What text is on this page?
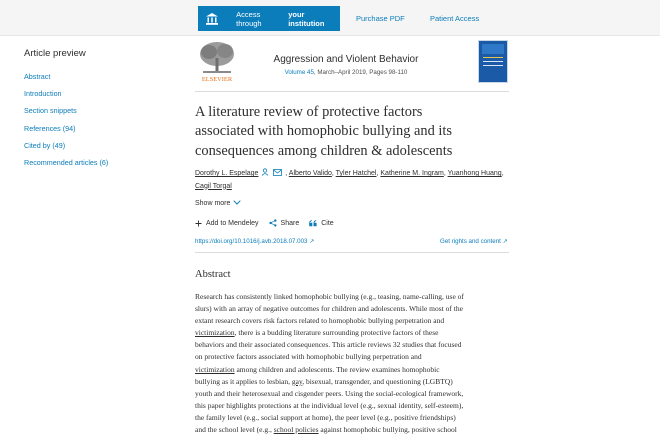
Access through
your institution	Purchase PDF	Patient Access
Article preview
Abstract
Introduction
Section snippets
References (94)
Cited by (49)
Recommended articles (6)
ELSEVIER
Aggression and Violent Behavior
Volume 45, March–April 2019, Pages 98-110
A literature review of protective factors
associated with homophobic bullying and its
consequences among children & adolescents
Dorothy L. Espelage	, Alberto Valido, Tyler Hatchel, Katherine M. Ingram, Yuanhong Huang,
Cagil Torgal
Show more
Add to Mendeley	Share	Cite
https://doi.org/10.1016/j.avb.2018.07.003 ↗	Get rights and content ↗
Abstract
Research has consistently linked homophobic bullying (e.g., teasing, name-calling, use of
slurs) with an array of negative outcomes for children and adolescents. While most of the
extant research covers risk factors related to homophobic bullying perpetration and
victimization, there is a budding literature surrounding protective factors of these
behaviors and their associated consequences. This article reviews 32 studies that focused
on protective factors associated with homophobic bullying perpetration and
victimization among children and adolescents. The review examines homophobic
bullying as it applies to lesbian, gay, bisexual, transgender, and questioning (LGBTQ)
youth and their heterosexual and cisgender peers. Using the social-ecological framework,
this paper highlights protections at the individual level (e.g., sexual identity, self-esteem),
the family level (e.g., social support at home), the peer level (e.g., positive friendships)
and the school level (e.g., school policies against homophobic bullying, positive school
